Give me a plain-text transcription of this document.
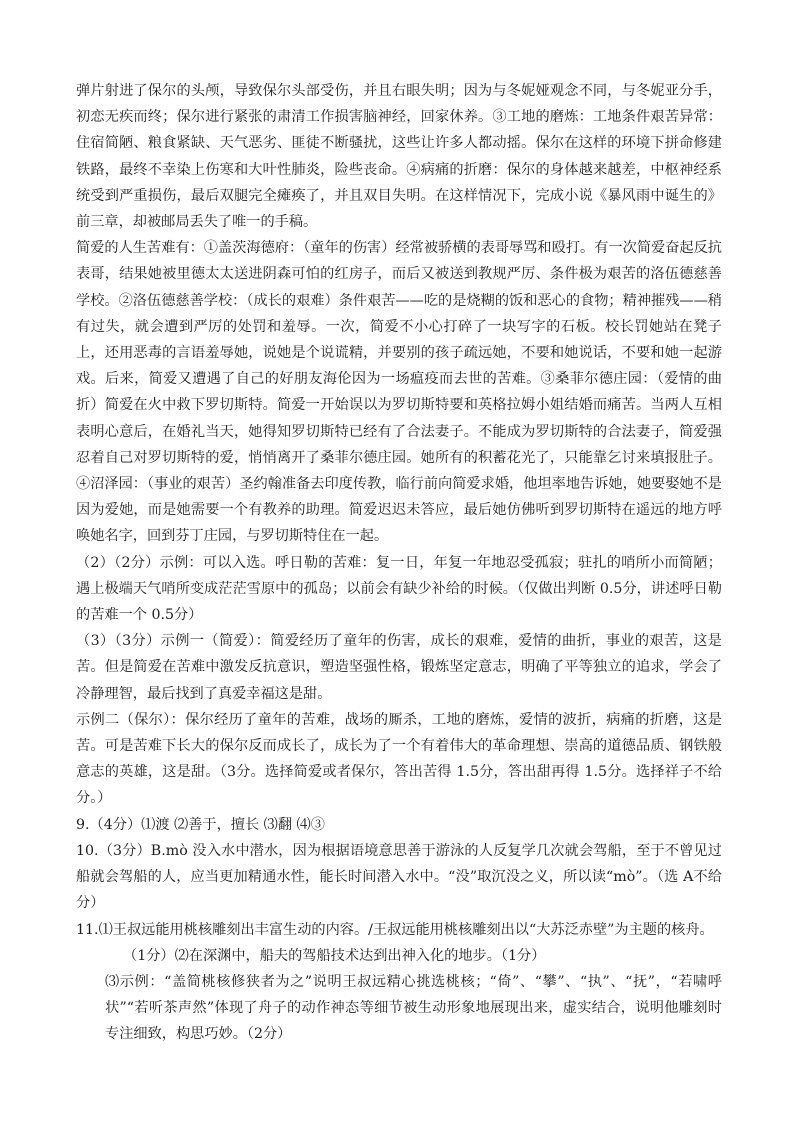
弹片射进了保尔的头颅，导致保尔头部受伤，并且右眼失明；因为与冬妮娅观念不同，与冬妮亚分手，初恋无疾而终；保尔进行紧张的肃清工作损害脑神经，回家休养。③工地的磨炼：工地条件艰苦异常：住宿简陋、粮食紧缺、天气恶劣、匪徒不断骚扰，这些让许多人都动摇。保尔在这样的环境下拼命修建铁路，最终不幸染上伤寒和大叶性肺炎，险些丧命。④病痛的折磨：保尔的身体越来越差，中枢神经系统受到严重损伤，最后双腿完全瘫痪了，并且双目失明。在这样情况下，完成小说《暴风雨中诞生的》前三章，却被邮局丢失了唯一的手稿。

简爱的人生苦难有：①盖茨海德府：（童年的伤害）经常被骄横的表哥辱骂和殴打。有一次简爱奋起反抗表哥，结果她被里德太太送进阴森可怕的红房子，而后又被送到教规严厉、条件极为艰苦的洛伍德慈善学校。②洛伍德慈善学校：（成长的艰难）条件艰苦——吃的是烧糊的饭和恶心的食物；精神摧残——稍有过失，就会遭到严厉的处罚和羞辱。一次，简爱不小心打碎了一块写字的石板。校长罚她站在凳子上，还用恶毒的言语羞辱她，说她是个说谎精，并要别的孩子疏远她，不要和她说话，不要和她一起游戏。后来，简爱又遭遇了自己的好朋友海伦因为一场瘟疫而去世的苦难。③桑菲尔德庄园：（爱情的曲折）简爱在火中救下罗切斯特。简爱一开始误以为罗切斯特要和英格拉姆小姐结婚而痛苦。当两人互相表明心意后，在婚礼当天，她得知罗切斯特已经有了合法妻子。不能成为罗切斯特的合法妻子，简爱强忍着自己对罗切斯特的爱，悄悄离开了桑菲尔德庄园。她所有的积蓄花光了，只能靠乞讨来填报肚子。④沼泽园：（事业的艰苦）圣约翰准备去印度传教，临行前向简爱求婚，他坦率地告诉她，她要娶她不是因为爱她，而是她需要一个有教养的助理。简爱迟迟未答应，最后她仿佛听到罗切斯特在遥远的地方呼唤她名字，回到芬丁庄园，与罗切斯特住在一起。

（2）（2分）示例：可以入选。呼日勒的苦难：复一日，年复一年地忍受孤寂；驻扎的哨所小而简陋；遇上极端天气哨所变成茫茫雪原中的孤岛；以前会有缺少补给的时候。（仅做出判断 0.5分，讲述呼日勒的苦难一个 0.5分）

（3）（3分）示例一（简爱）：简爱经历了童年的伤害，成长的艰难，爱情的曲折，事业的艰苦，这是苦。但是简爱在苦难中激发反抗意识，塑造坚强性格，锻炼坚定意志，明确了平等独立的追求，学会了冷静理智，最后找到了真爱幸福这是甜。

示例二（保尔）：保尔经历了童年的苦难，战场的厮杀，工地的磨炼，爱情的波折，病痛的折磨，这是苦。可是苦难下长大的保尔反而成长了，成长为了一个有着伟大的革命理想、崇高的道德品质、钢铁般意志的英雄，这是甜。（3分。选择简爱或者保尔，答出苦得 1.5分，答出甜再得 1.5分。选择祥子不给分。）

9.（4分）⑴渡 ⑵善于，擅长 ⑶翻 ⑷③

10.（3分）B.mò 没入水中潜水，因为根据语境意思善于游泳的人反复学几次就会驾船，至于不曾见过船就会驾船的人，应当更加精通水性，能长时间潜入水中。“没”取沉没之义，所以读“mò”。（选 A不给分）

11.⑴王叔远能用桃核雕刻出丰富生动的内容。/王叔远能用桃核雕刻出以“大苏泛赤壁”为主题的核舟。

（1分）⑵在深渊中，船夫的驾船技术达到出神入化的地步。（1分）

⑶示例：“盖简桃核修狭者为之”说明王叔远精心挑选桃核；“倚”、“攀”、“执”、“抚”，“若啸呼状”“若听茶声然”体现了舟子的动作神态等细节被生动形象地展现出来，虚实结合，说明他雕刻时专注细致，构思巧妙。（2分）
